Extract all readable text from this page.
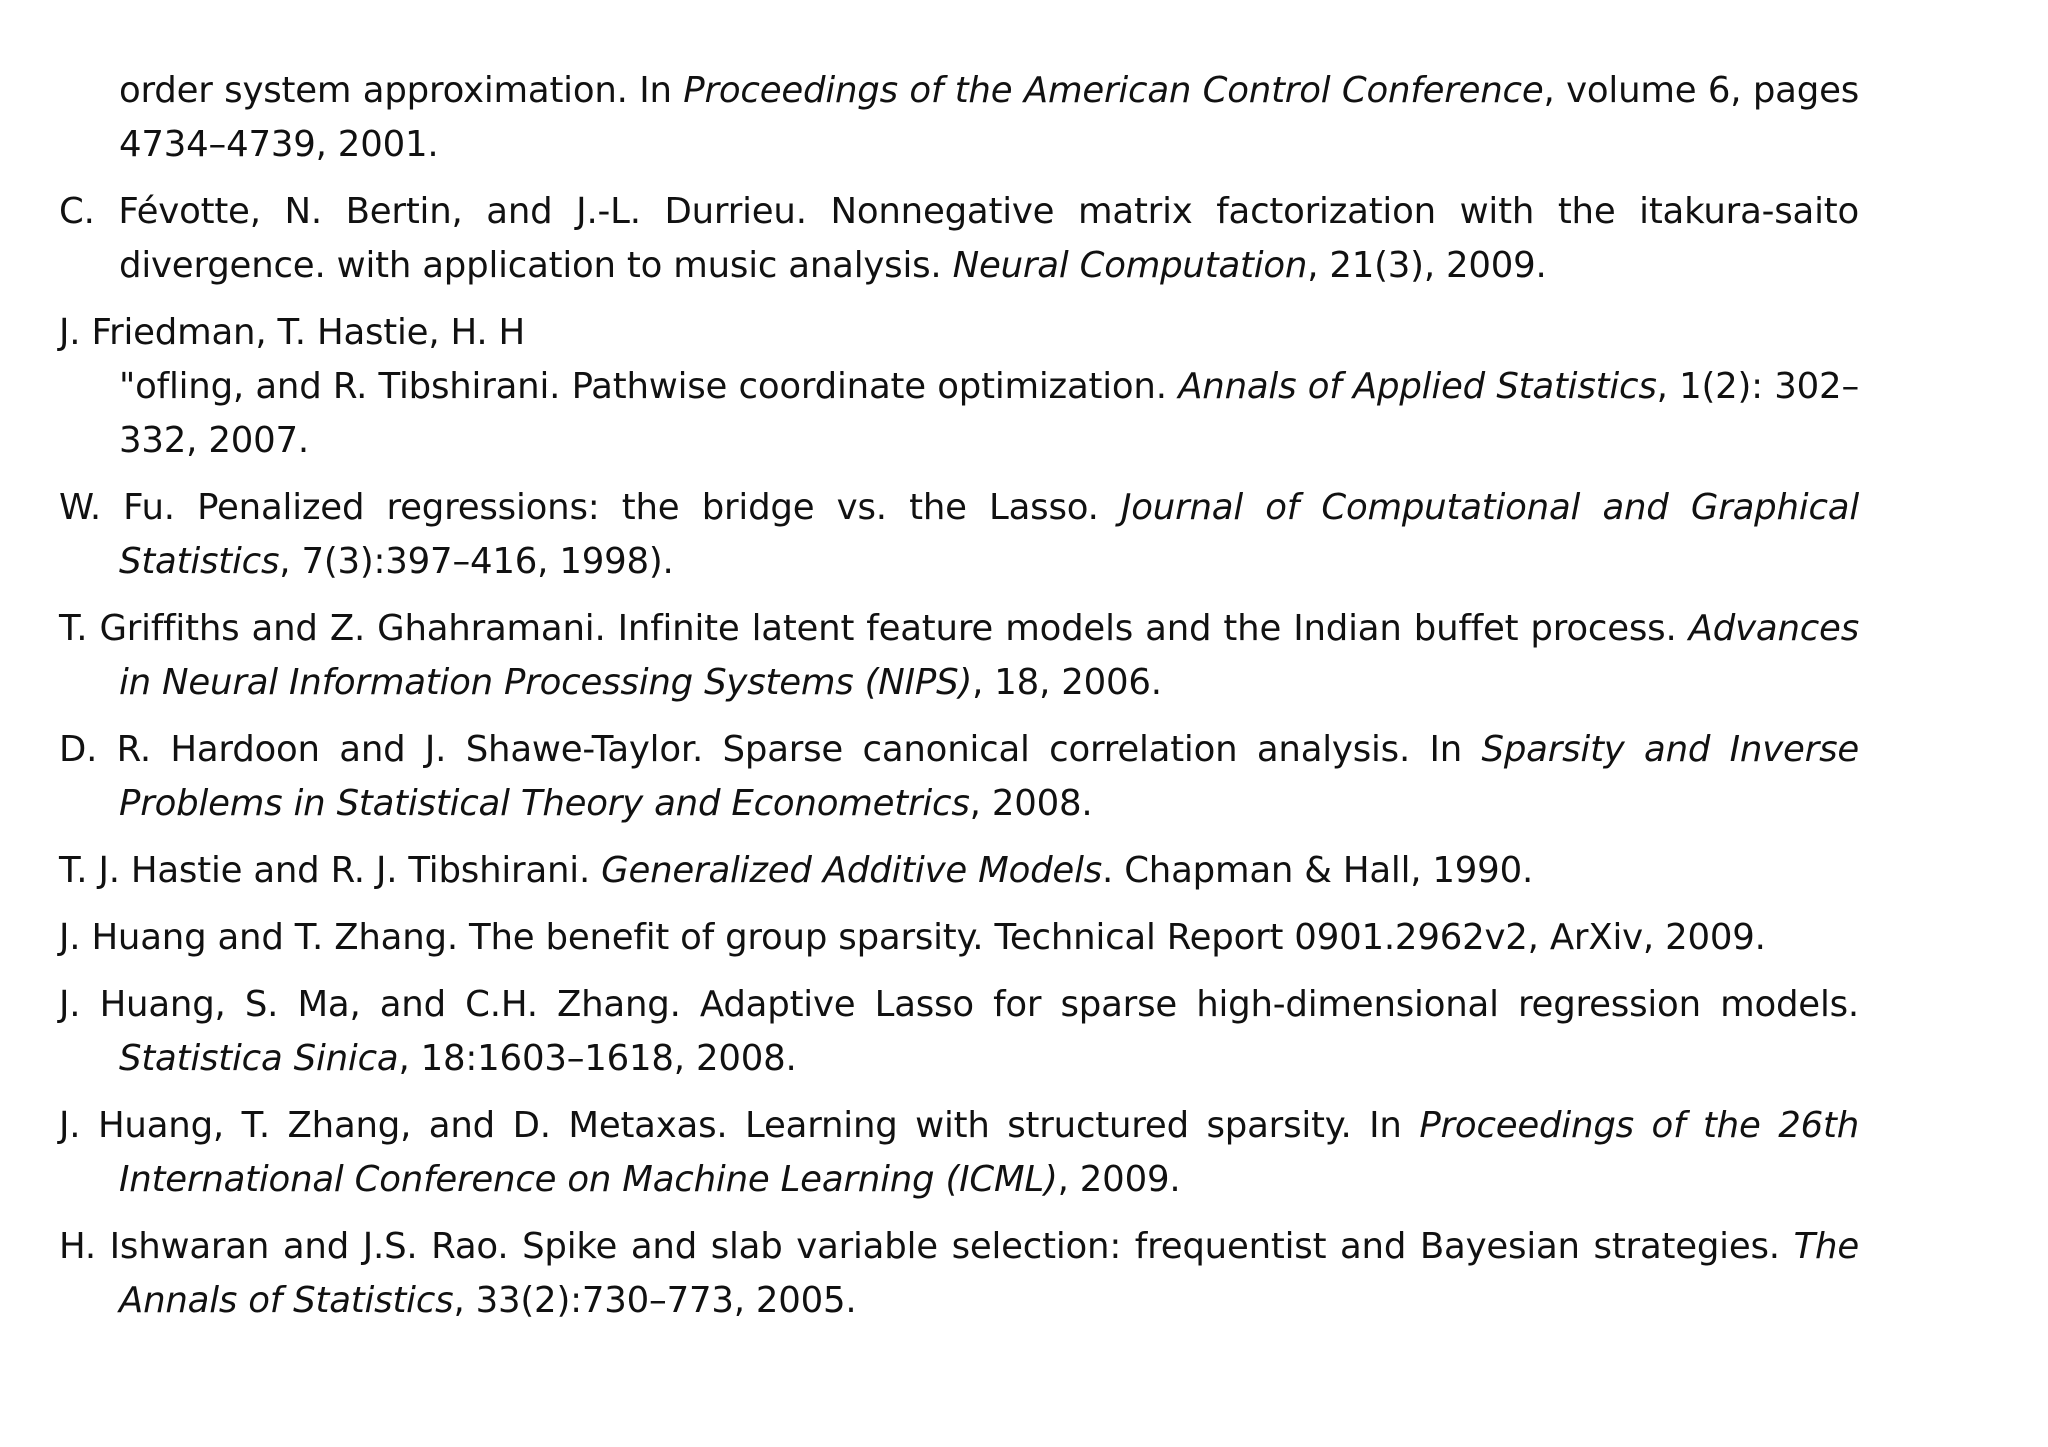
order system approximation. In Proceedings of the American Control Conference, volume 6, pages 4734–4739, 2001.
C. Févotte, N. Bertin, and J.-L. Durrieu. Nonnegative matrix factorization with the itakura-saito divergence. with application to music analysis. Neural Computation, 21(3), 2009.
J. Friedman, T. Hastie, H. H
"ofling, and R. Tibshirani. Pathwise coordinate optimization. Annals of Applied Statistics, 1(2): 302–332, 2007.
W. Fu. Penalized regressions: the bridge vs. the Lasso. Journal of Computational and Graphical Statistics, 7(3):397–416, 1998).
T. Griffiths and Z. Ghahramani. Infinite latent feature models and the Indian buffet process. Advances in Neural Information Processing Systems (NIPS), 18, 2006.
D. R. Hardoon and J. Shawe-Taylor. Sparse canonical correlation analysis. In Sparsity and Inverse Problems in Statistical Theory and Econometrics, 2008.
T. J. Hastie and R. J. Tibshirani. Generalized Additive Models. Chapman & Hall, 1990.
J. Huang and T. Zhang. The benefit of group sparsity. Technical Report 0901.2962v2, ArXiv, 2009.
J. Huang, S. Ma, and C.H. Zhang. Adaptive Lasso for sparse high-dimensional regression models. Statistica Sinica, 18:1603–1618, 2008.
J. Huang, T. Zhang, and D. Metaxas. Learning with structured sparsity. In Proceedings of the 26th International Conference on Machine Learning (ICML), 2009.
H. Ishwaran and J.S. Rao. Spike and slab variable selection: frequentist and Bayesian strategies. The Annals of Statistics, 33(2):730–773, 2005.
